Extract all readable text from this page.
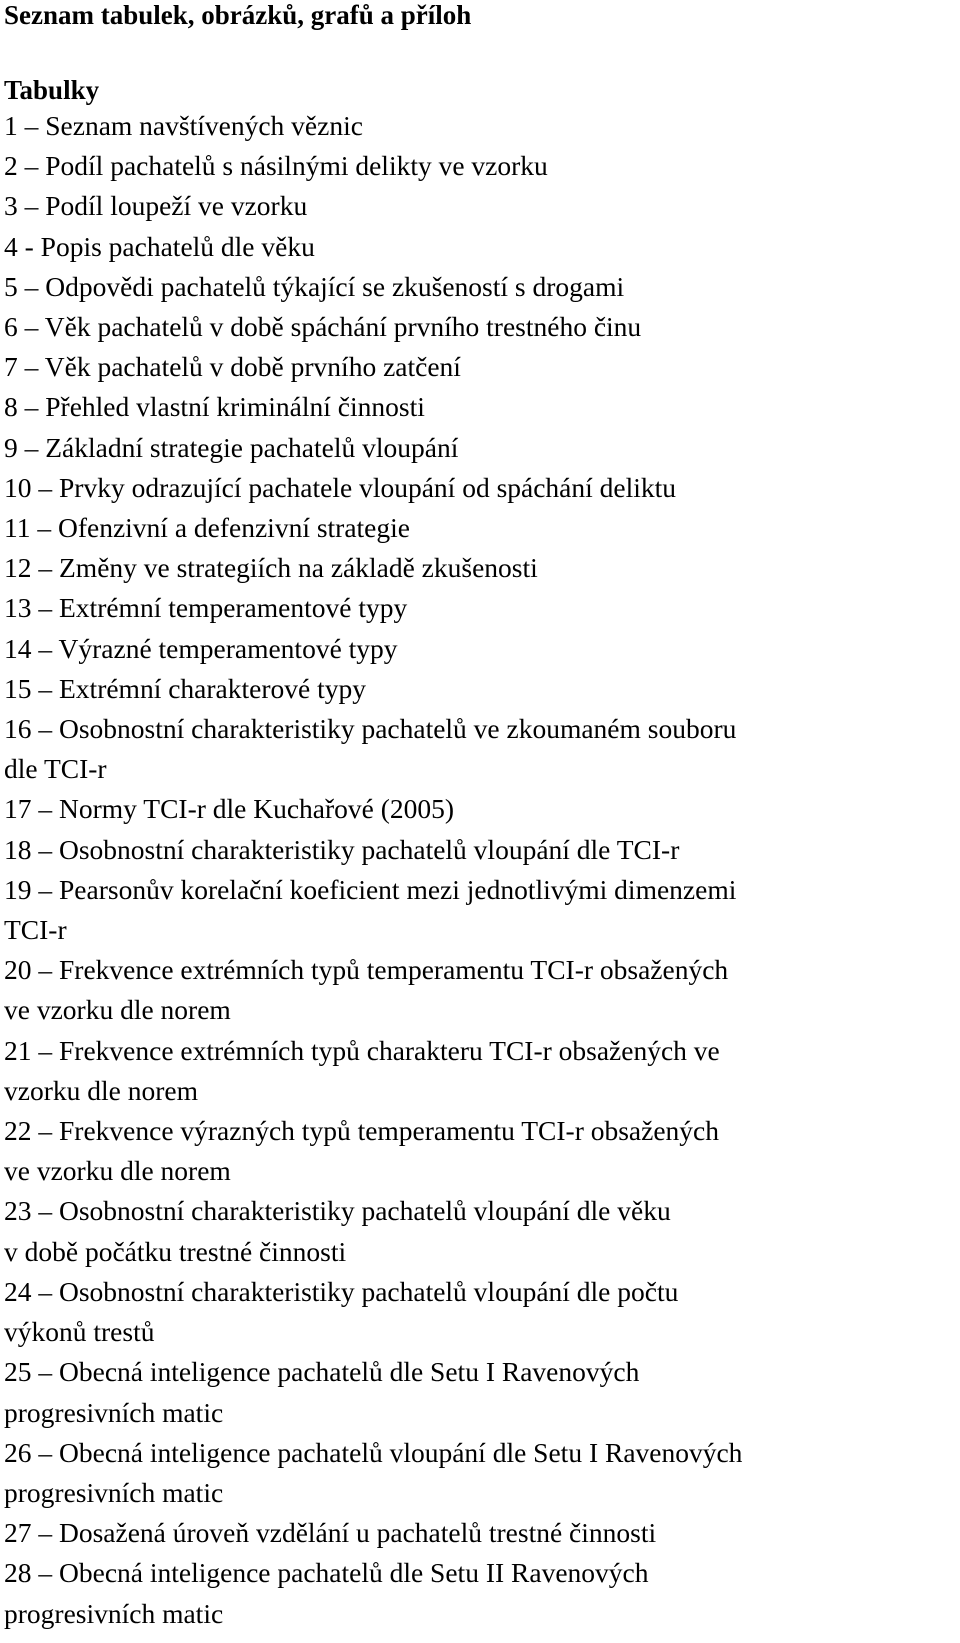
Seznam tabulek, obrázků, grafů a příloh
Tabulky
1 – Seznam navštívených věznic
2 – Podíl pachatelů s násilnými delikty ve vzorku
3 – Podíl loupeží ve vzorku
4 - Popis pachatelů dle věku
5 – Odpovědi pachatelů týkající se zkušeností s drogami
6 – Věk pachatelů v době spáchání prvního trestného činu
7 – Věk pachatelů v době prvního zatčení
8 – Přehled vlastní kriminální činnosti
9 – Základní strategie pachatelů vloupání
10 – Prvky odrazující pachatele vloupání od spáchání deliktu
11 – Ofenzivní a defenzivní strategie
12 – Změny ve strategiích na základě zkušenosti
13 – Extrémní temperamentové typy
14 – Výrazné temperamentové typy
15 – Extrémní charakterové typy
16 – Osobnostní charakteristiky pachatelů ve zkoumaném souboru
dle TCI-r
17 – Normy TCI-r dle Kuchařové (2005)
18 – Osobnostní charakteristiky pachatelů vloupání dle TCI-r
19 – Pearsonův korelační koeficient mezi jednotlivými dimenzemi
TCI-r
20 – Frekvence extrémních typů temperamentu TCI-r obsažených
ve vzorku dle norem
21 – Frekvence extrémních typů charakteru TCI-r obsažených ve
vzorku dle norem
22 – Frekvence výrazných typů temperamentu TCI-r obsažených
ve vzorku dle norem
23 – Osobnostní charakteristiky pachatelů vloupání dle věku
v době počátku trestné činnosti
24 – Osobnostní charakteristiky pachatelů vloupání dle počtu
výkonů trestů
25 – Obecná inteligence pachatelů dle Setu I Ravenových
progresivních matic
26 – Obecná inteligence pachatelů vloupání dle Setu I Ravenových
progresivních matic
27 – Dosažená úroveň vzdělání u pachatelů trestné činnosti
28 – Obecná inteligence pachatelů dle Setu II Ravenových
progresivních matic
